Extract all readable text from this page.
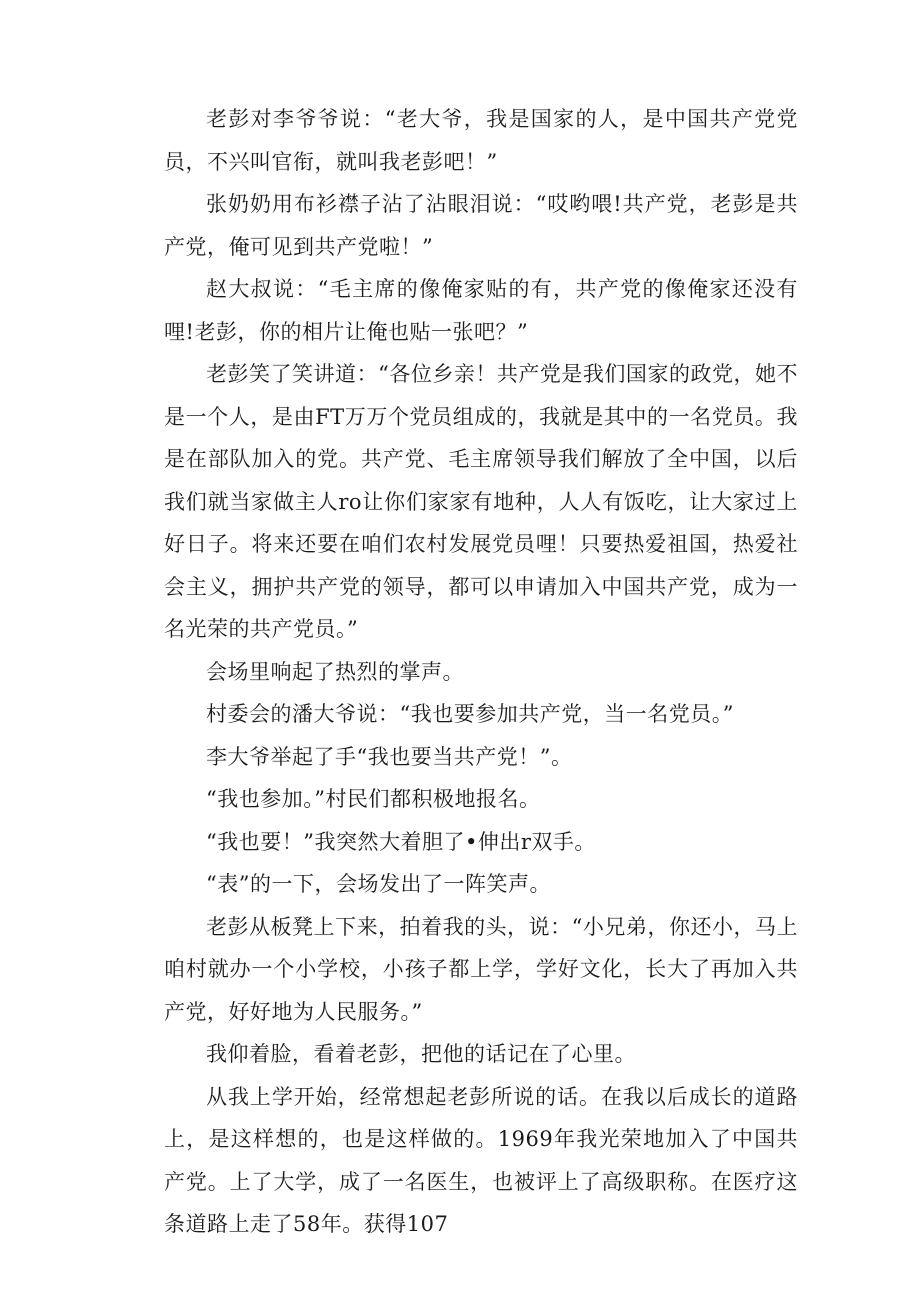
老彭对李爷爷说：“老大爷，我是国家的人，是中国共产党党员，不兴叫官衔，就叫我老彭吧！”

张奶奶用布衫襟子沾了沾眼泪说：“哎哟喂!共产党，老彭是共产党，俺可见到共产党啦！”

赵大叔说：“毛主席的像俺家贴的有，共产党的像俺家还没有哩!老彭，你的相片让俺也贴一张吧？”

老彭笑了笑讲道：“各位乡亲！共产党是我们国家的政党，她不是一个人，是由FT万万个党员组成的，我就是其中的一名党员。我是在部队加入的党。共产党、毛主席领导我们解放了全中国，以后我们就当家做主人ro让你们家家有地种，人人有饭吃，让大家过上好日子。将来还要在咱们农村发展党员哩！只要热爱祖国，热爱社会主义，拥护共产党的领导，都可以申请加入中国共产党，成为一名光荣的共产党员。”

会场里响起了热烈的掌声。

村委会的潘大爷说：“我也要参加共产党，当一名党员。”

李大爷举起了手“我也要当共产党！”。

“我也参加。”村民们都积极地报名。

“我也要！”我突然大着胆了•伸出r双手。

“表”的一下，会场发出了一阵笑声。

老彭从板凳上下来，拍着我的头，说：“小兄弟，你还小，马上咱村就办一个小学校，小孩子都上学，学好文化，长大了再加入共产党，好好地为人民服务。”

我仰着脸，看着老彭，把他的话记在了心里。

从我上学开始，经常想起老彭所说的话。在我以后成长的道路上，是这样想的，也是这样做的。1969年我光荣地加入了中国共产党。上了大学，成了一名医生，也被评上了高级职称。在医疗这条道路上走了58年。获得107
